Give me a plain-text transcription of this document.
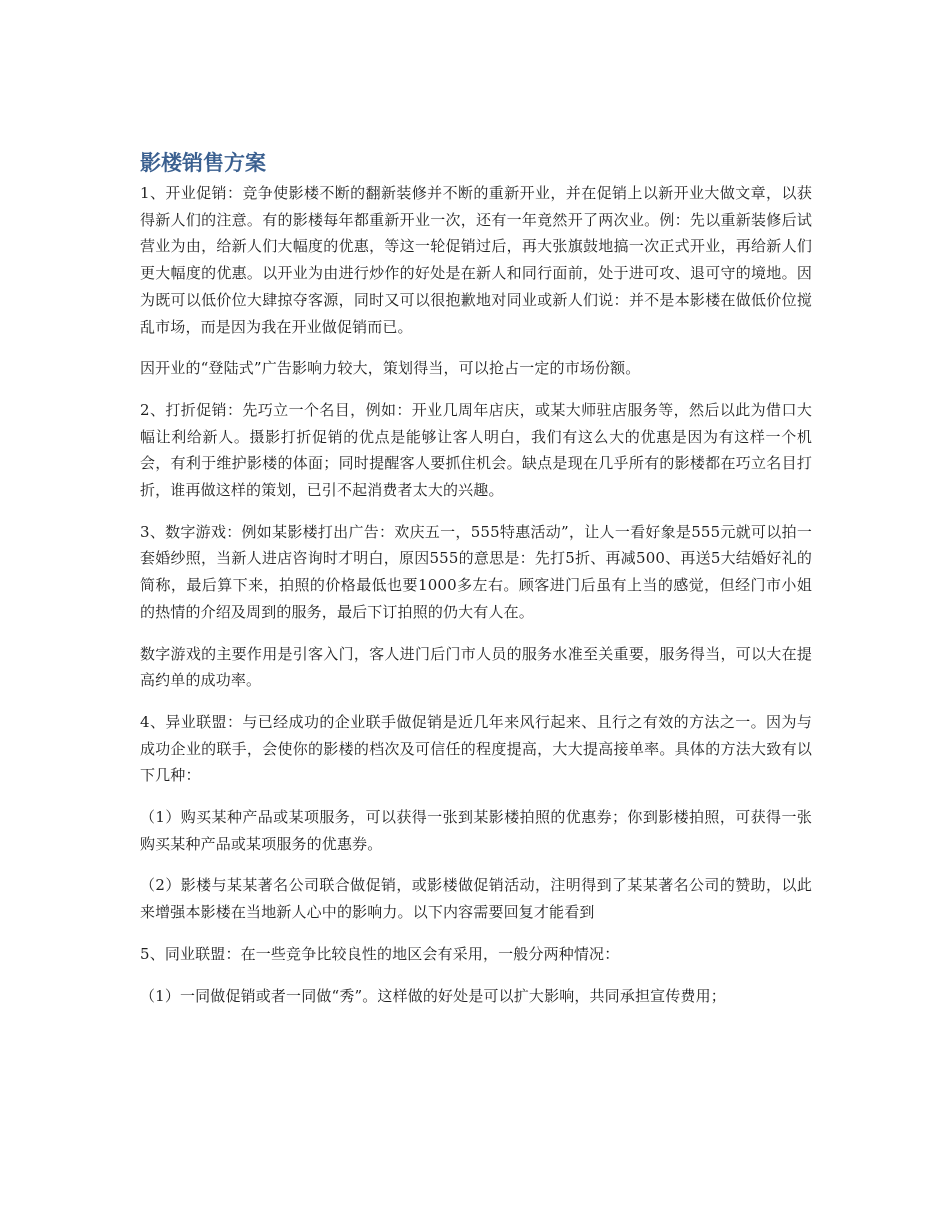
影楼销售方案

1、开业促销：竞争使影楼不断的翻新装修并不断的重新开业，并在促销上以新开业大做文章，以获得新人们的注意。有的影楼每年都重新开业一次，还有一年竟然开了两次业。例：先以重新装修后试营业为由，给新人们大幅度的优惠，等这一轮促销过后，再大张旗鼓地搞一次正式开业，再给新人们更大幅度的优惠。以开业为由进行炒作的好处是在新人和同行面前，处于进可攻、退可守的境地。因为既可以低价位大肆掠夺客源，同时又可以很抱歉地对同业或新人们说：并不是本影楼在做低价位搅乱市场，而是因为我在开业做促销而已。

因开业的“登陆式”广告影响力较大，策划得当，可以抢占一定的市场份额。

2、打折促销：先巧立一个名目，例如：开业几周年店庆，或某大师驻店服务等，然后以此为借口大幅让利给新人。摄影打折促销的优点是能够让客人明白，我们有这么大的优惠是因为有这样一个机会，有利于维护影楼的体面；同时提醒客人要抓住机会。缺点是现在几乎所有的影楼都在巧立名目打折，谁再做这样的策划，已引不起消费者太大的兴趣。

3、数字游戏：例如某影楼打出广告：欢庆五一，555特惠活动”，让人一看好象是555元就可以拍一套婚纱照，当新人进店咨询时才明白，原因555的意思是：先打5折、再减500、再送5大结婚好礼的简称，最后算下来，拍照的价格最低也要1000多左右。顾客进门后虽有上当的感觉，但经门市小姐的热情的介绍及周到的服务，最后下订拍照的仍大有人在。

数字游戏的主要作用是引客入门，客人进门后门市人员的服务水准至关重要，服务得当，可以大在提高约单的成功率。

4、异业联盟：与已经成功的企业联手做促销是近几年来风行起来、且行之有效的方法之一。因为与成功企业的联手，会使你的影楼的档次及可信任的程度提高，大大提高接单率。具体的方法大致有以下几种：

（1）购买某种产品或某项服务，可以获得一张到某影楼拍照的优惠券；你到影楼拍照，可获得一张购买某种产品或某项服务的优惠券。

（2）影楼与某某著名公司联合做促销，或影楼做促销活动，注明得到了某某著名公司的赞助，以此来增强本影楼在当地新人心中的影响力。以下内容需要回复才能看到

5、同业联盟：在一些竞争比较良性的地区会有采用，一般分两种情况：

（1）一同做促销或者一同做“秀”。这样做的好处是可以扩大影响，共同承担宣传费用；
